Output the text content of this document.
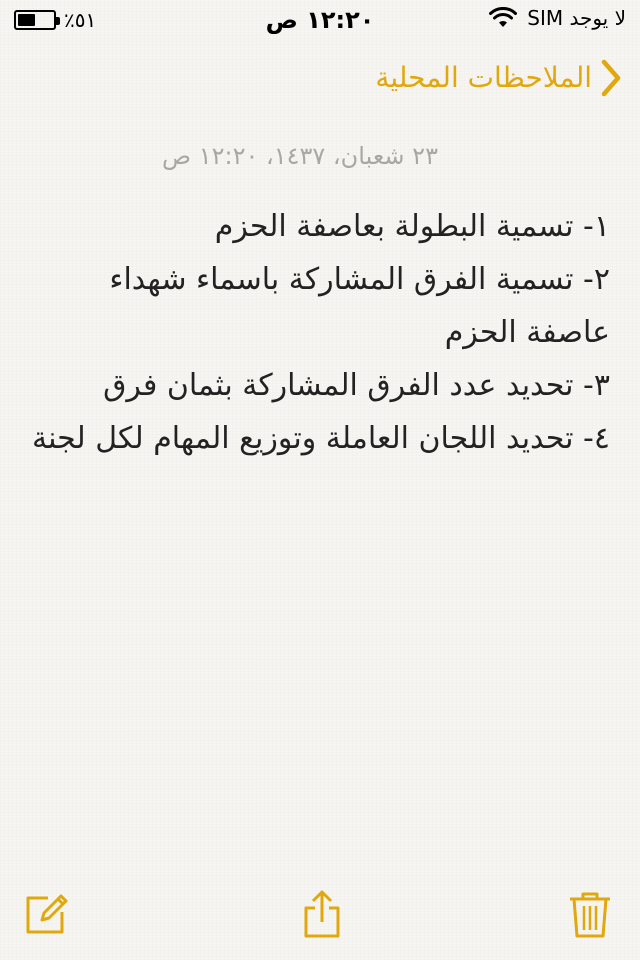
٥١٪	١٢:٢٠ ص	لا يوجد SIM
الملاحظات المحلية
٢٣ شعبان، ١٤٣٧، ١٢:٢٠ ص
١- تسمية البطولة بعاصفة الحزم
٢- تسمية الفرق المشاركة باسماء شهداء عاصفة الحزم
٣- تحديد عدد الفرق المشاركة بثمان فرق
٤- تحديد اللجان العاملة وتوزيع المهام لكل لجنة
